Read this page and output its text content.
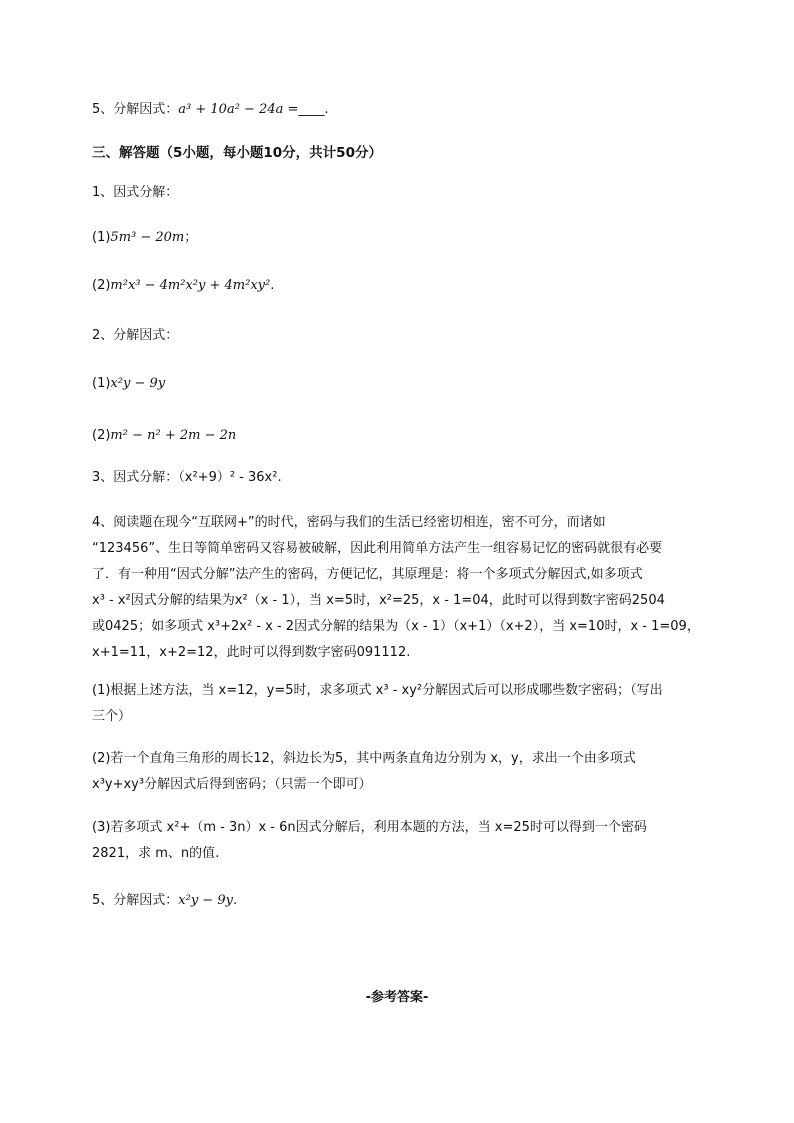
5、分解因式：a³ + 10a² − 24a =____.
三、解答题（5小题，每小题10分，共计50分）
1、因式分解：
(1)5m³ − 20m；
(2)m²x³ − 4m²x²y + 4m²xy².
2、分解因式：
(1)x²y − 9y
(2)m² − n² + 2m − 2n
3、因式分解：（x²+9）² - 36x².
4、阅读题在现今“互联网+”的时代，密码与我们的生活已经密切相连，密不可分，而诸如
“123456”、生日等简单密码又容易被破解，因此利用简单方法产生一组容易记忆的密码就很有必要
了．有一种用“因式分解”法产生的密码，方便记忆，其原理是：将一个多项式分解因式,如多项式
x³ - x²因式分解的结果为x²（x - 1），当 x=5时，x²=25，x - 1=04，此时可以得到数字密码2504
或0425；如多项式 x³+2x² - x - 2因式分解的结果为（x - 1）（x+1）（x+2），当 x=10时，x - 1=09，
x+1=11，x+2=12，此时可以得到数字密码091112.
(1)根据上述方法，当 x=12，y=5时，求多项式 x³ - xy²分解因式后可以形成哪些数字密码；（写出
三个）
(2)若一个直角三角形的周长12，斜边长为5，其中两条直角边分别为 x，y，求出一个由多项式
x³y+xy³分解因式后得到密码；（只需一个即可）
(3)若多项式 x²+（m - 3n）x - 6n因式分解后，利用本题的方法，当 x=25时可以得到一个密码
2821，求 m、n的值.
5、分解因式：x²y − 9y.
-参考答案-
